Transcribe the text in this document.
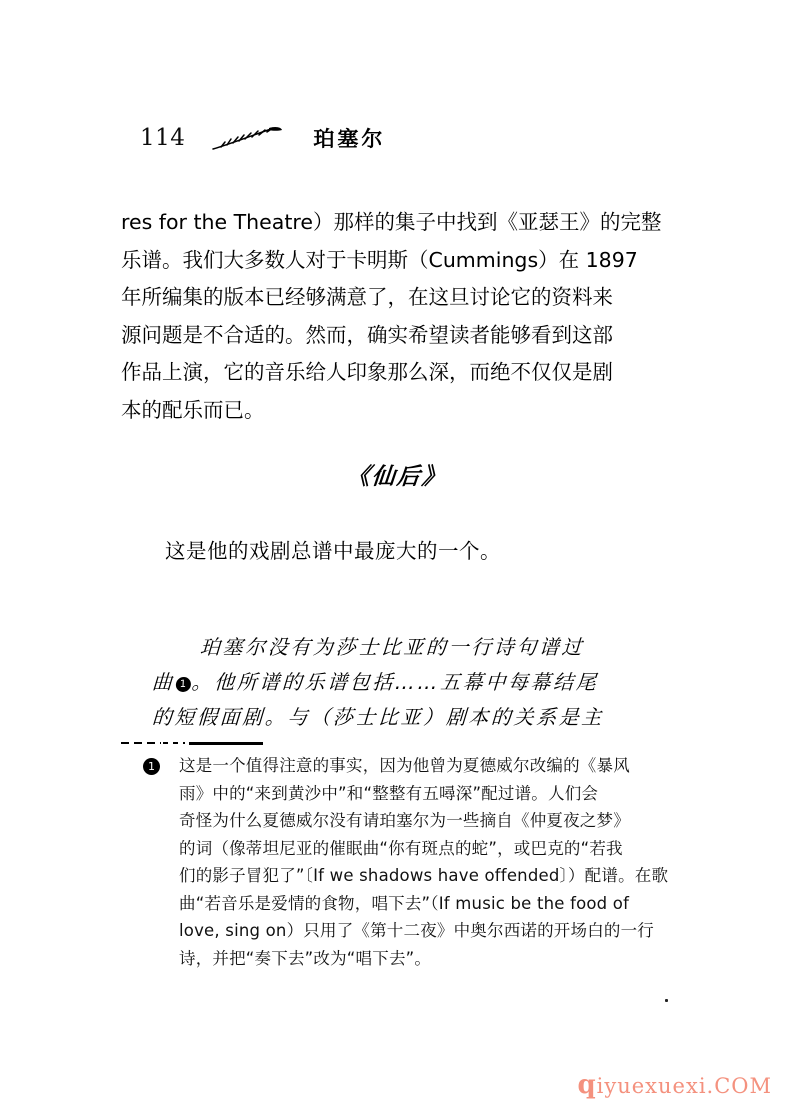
114	珀塞尔
res for the Theatre）那样的集子中找到《亚瑟王》的完整
乐谱。我们大多数人对于卡明斯（Cummings）在 1897
年所编集的版本已经够满意了，在这旦讨论它的资料来
源问题是不合适的。然而，确实希望读者能够看到这部
作品上演，它的音乐给人印象那么深，而绝不仅仅是剧
本的配乐而已。
《仙后》
这是他的戏剧总谱中最庞大的一个。
珀塞尔没有为莎士比亚的一行诗句谱过
曲 1 。他所谱的乐谱包括……五幕中每幕结尾
的短假面剧。与（莎士比亚）剧本的关系是主
1	这是一个值得注意的事实，因为他曾为夏德威尔改编的《暴风
雨》中的“来到黄沙中”和“整整有五噚深”配过谱。人们会
奇怪为什么夏德威尔没有请珀塞尔为一些摘自《仲夏夜之梦》
的词（像蒂坦尼亚的催眠曲“你有斑点的蛇”，或巴克的“若我
们的影子冒犯了”〔If we shadows have offended〕）配谱。在歌
曲“若音乐是爱情的食物，唱下去”（If music be the food of
love, sing on）只用了《第十二夜》中奥尔西诺的开场白的一行
诗，并把“奏下去”改为“唱下去”。
qiyuexuexi.COM
